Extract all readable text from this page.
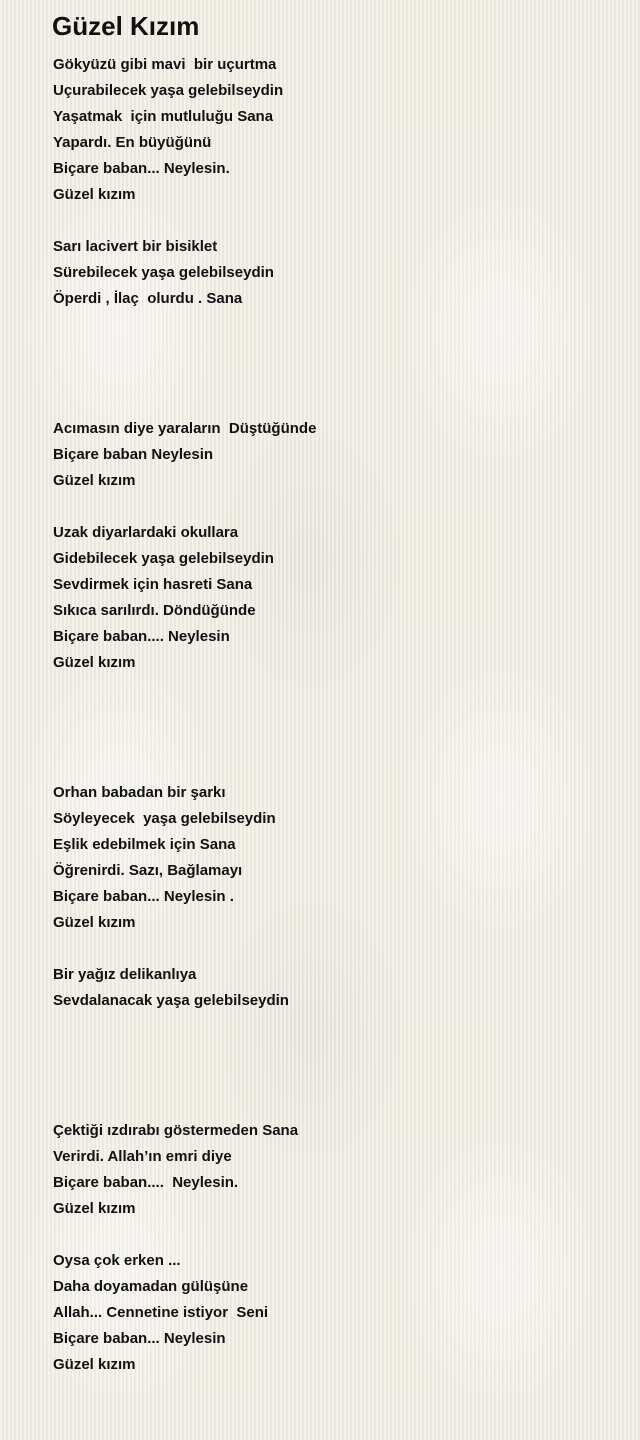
Güzel Kızım
Gökyüzü gibi mavi  bir uçurtma
Uçurabilecek yaşa gelebilseydin
Yaşatmak  için mutluluğu Sana
Yapardı. En büyüğünü
Biçare baban... Neylesin.
Güzel kızım
Sarı lacivert bir bisiklet
Sürebilecek yaşa gelebilseydin
Öperdi , İlaç  olurdu . Sana
Acımasın diye yaraların  Düştüğünde
Biçare baban Neylesin
Güzel kızım
Uzak diyarlardaki okullara
Gidebilecek yaşa gelebilseydin
Sevdirmek için hasreti Sana
Sıkıca sarılırdı. Döndüğünde
Biçare baban.... Neylesin
Güzel kızım
Orhan babadan bir şarkı
Söyleyecek  yaşa gelebilseydin
Eşlik edebilmek için Sana
Öğrenirdi. Sazı, Bağlamayı
Biçare baban... Neylesin .
Güzel kızım
Bir yağız delikanlıya
Sevdalanacak yaşa gelebilseydin
Çektiği ızdırabı göstermeden Sana
Verirdi. Allah’ın emri diye
Biçare baban....  Neylesin.
Güzel kızım
Oysa çok erken ...
Daha doyamadan gülüşüne
Allah... Cennetine istiyor  Seni
Biçare baban... Neylesin
Güzel kızım
